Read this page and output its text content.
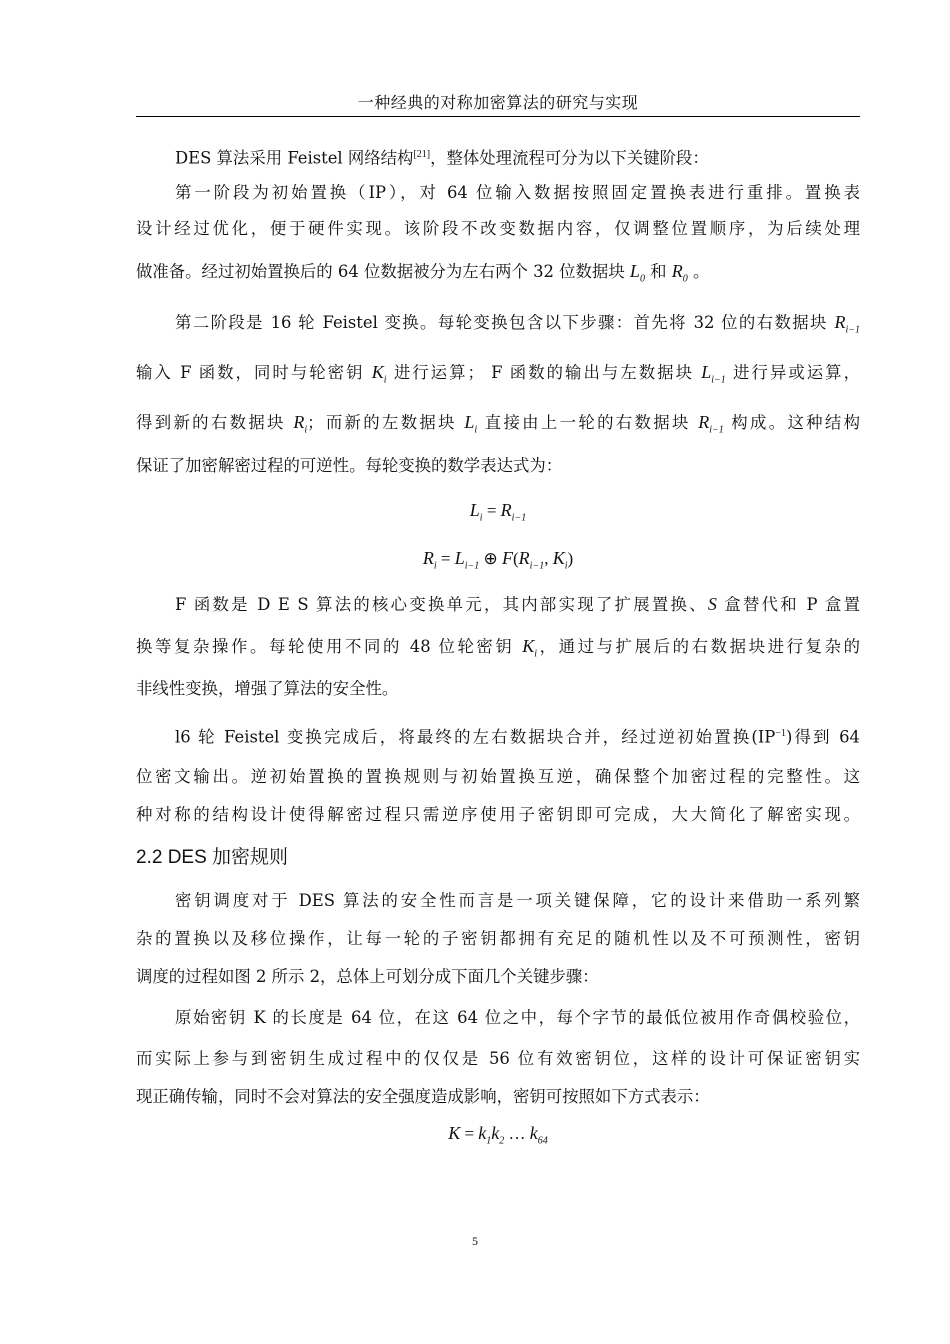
一种经典的对称加密算法的研究与实现
DES 算法采用 Feistel 网络结构[21]，整体处理流程可分为以下关键阶段：
第一阶段为初始置换（IP），对 64 位输入数据按照固定置换表进行重排。置换表
设计经过优化，便于硬件实现。该阶段不改变数据内容，仅调整位置顺序，为后续处理
做准备。经过初始置换后的 64 位数据被分为左右两个 32 位数据块 $L_0$ 和 $R_0$ 。
第二阶段是 16 轮 Feistel 变换。每轮变换包含以下步骤：首先将 32 位的右数据块 $R_{i-1}$
输入 F 函数，同时与轮密钥 $K_i$ 进行运算； F 函数的输出与左数据块 $L_{i-1}$ 进行异或运算，
得到新的右数据块 $R_i$；而新的左数据块 $L_i$ 直接由上一轮的右数据块 $R_{i-1}$ 构成。这种结构
保证了加密解密过程的可逆性。每轮变换的数学表达式为：
$L_i = R_{i-1}$
$R_i = L_{i-1}$ ⊕ $F(R_{i-1}$, $K_i$)
F 函数是 D E S 算法的核心变换单元，其内部实现了扩展置换、S 盒替代和 P 盒置
换等复杂操作。每轮使用不同的 48 位轮密钥 $K_i$，通过与扩展后的右数据块进行复杂的
非线性变换，增强了算法的安全性。
l6 轮 Feistel 变换完成后，将最终的左右数据块合并，经过逆初始置换$(IP^{-1})$得到 64
位密文输出。逆初始置换的置换规则与初始置换互逆，确保整个加密过程的完整性。这
种对称的结构设计使得解密过程只需逆序使用子密钥即可完成，大大简化了解密实现。
2.2 DES 加密规则
密钥调度对于 DES 算法的安全性而言是一项关键保障，它的设计来借助一系列繁
杂的置换以及移位操作，让每一轮的子密钥都拥有充足的随机性以及不可预测性，密钥
调度的过程如图 2 所示 2，总体上可划分成下面几个关键步骤：
原始密钥 K 的长度是 64 位，在这 64 位之中，每个字节的最低位被用作奇偶校验位，
而实际上参与到密钥生成过程中的仅仅是 56 位有效密钥位，这样的设计可保证密钥实
现正确传输，同时不会对算法的安全强度造成影响，密钥可按照如下方式表示：
$K = k_1k_2$ … $k_{64}$
5
